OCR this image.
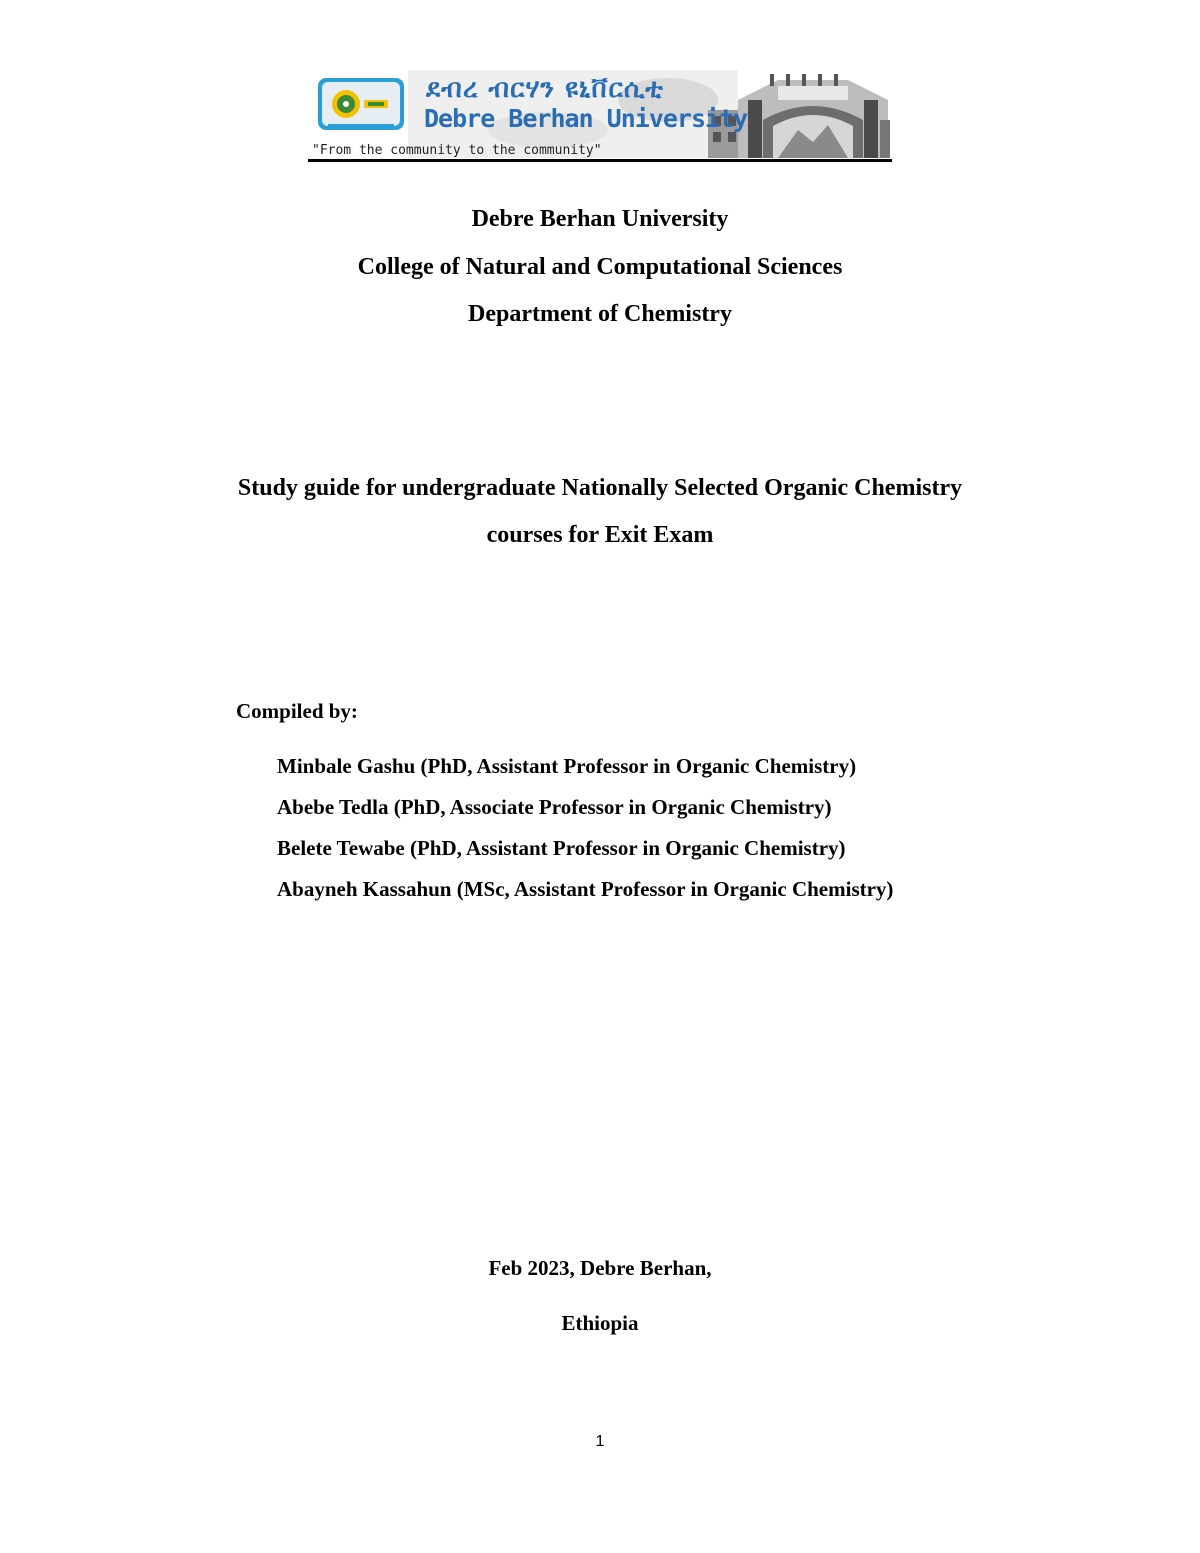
ደብረ ብርሃን ዩኒቨርሲቲ
Debre Berhan University
"From the community to the community"
Debre Berhan University
College of Natural and Computational Sciences
Department of Chemistry
Study guide for undergraduate Nationally Selected Organic Chemistry
courses for Exit Exam
Compiled by:
Minbale Gashu (PhD, Assistant Professor in Organic Chemistry)
Abebe Tedla (PhD, Associate Professor in Organic Chemistry)
Belete Tewabe (PhD, Assistant Professor in Organic Chemistry)
Abayneh Kassahun (MSc, Assistant Professor in Organic Chemistry)
Feb 2023, Debre Berhan,
Ethiopia
1
